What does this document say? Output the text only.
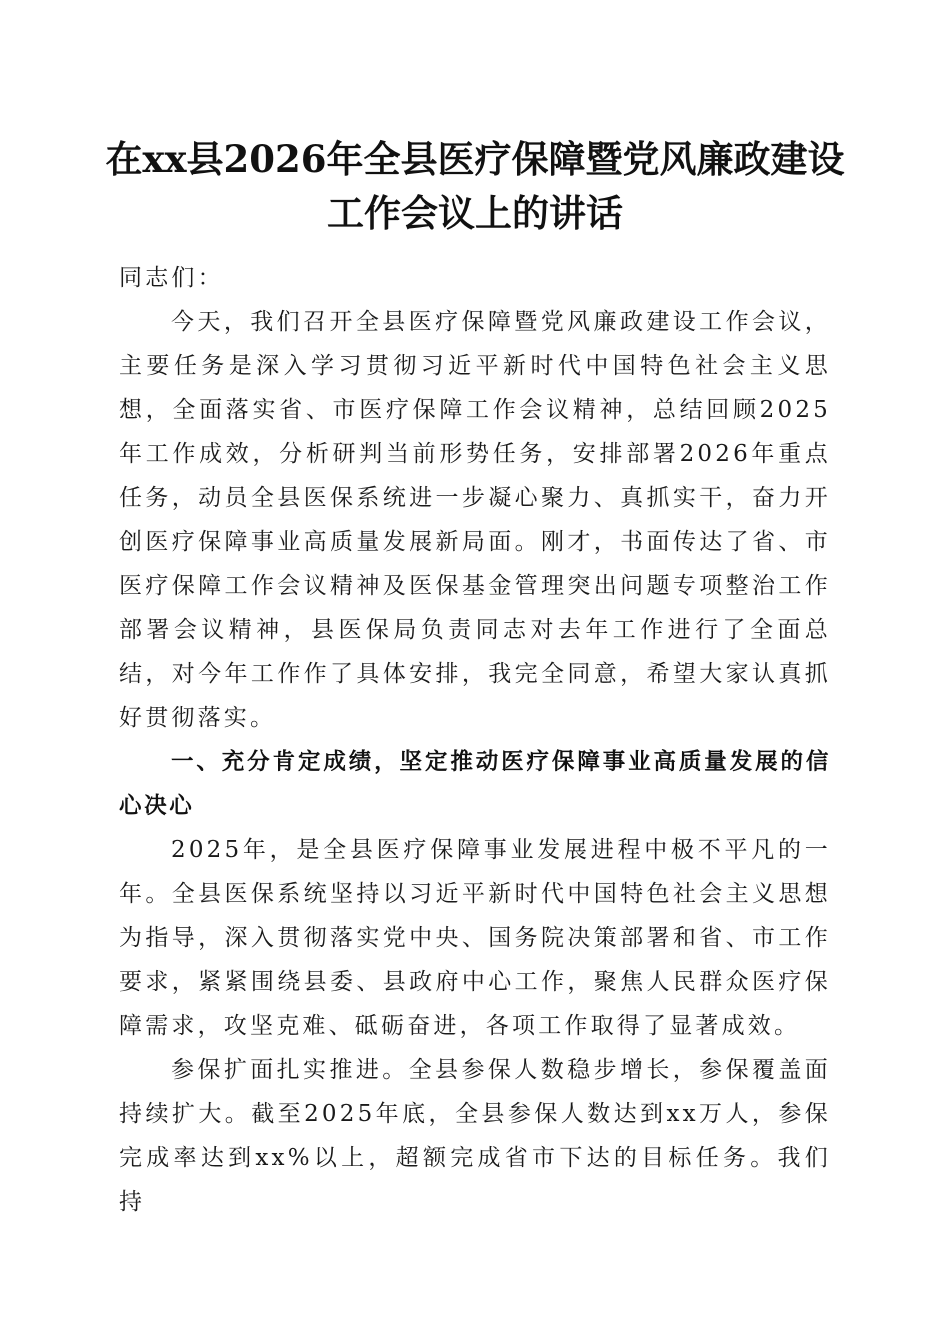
在xx县2026年全县医疗保障暨党风廉政建设
工作会议上的讲话

同志们：

今天，我们召开全县医疗保障暨党风廉政建设工作会议，主要任务是深入学习贯彻习近平新时代中国特色社会主义思想，全面落实省、市医疗保障工作会议精神，总结回顾2025年工作成效，分析研判当前形势任务，安排部署2026年重点任务，动员全县医保系统进一步凝心聚力、真抓实干，奋力开创医疗保障事业高质量发展新局面。刚才，书面传达了省、市医疗保障工作会议精神及医保基金管理突出问题专项整治工作部署会议精神，县医保局负责同志对去年工作进行了全面总结，对今年工作作了具体安排，我完全同意，希望大家认真抓好贯彻落实。

一、充分肯定成绩，坚定推动医疗保障事业高质量发展的信心决心

2025年，是全县医疗保障事业发展进程中极不平凡的一年。全县医保系统坚持以习近平新时代中国特色社会主义思想为指导，深入贯彻落实党中央、国务院决策部署和省、市工作要求，紧紧围绕县委、县政府中心工作，聚焦人民群众医疗保障需求，攻坚克难、砥砺奋进，各项工作取得了显著成效。

参保扩面扎实推进。全县参保人数稳步增长，参保覆盖面持续扩大。截至2025年底，全县参保人数达到xx万人，参保完成率达到xx%以上，超额完成省市下达的目标任务。我们持
